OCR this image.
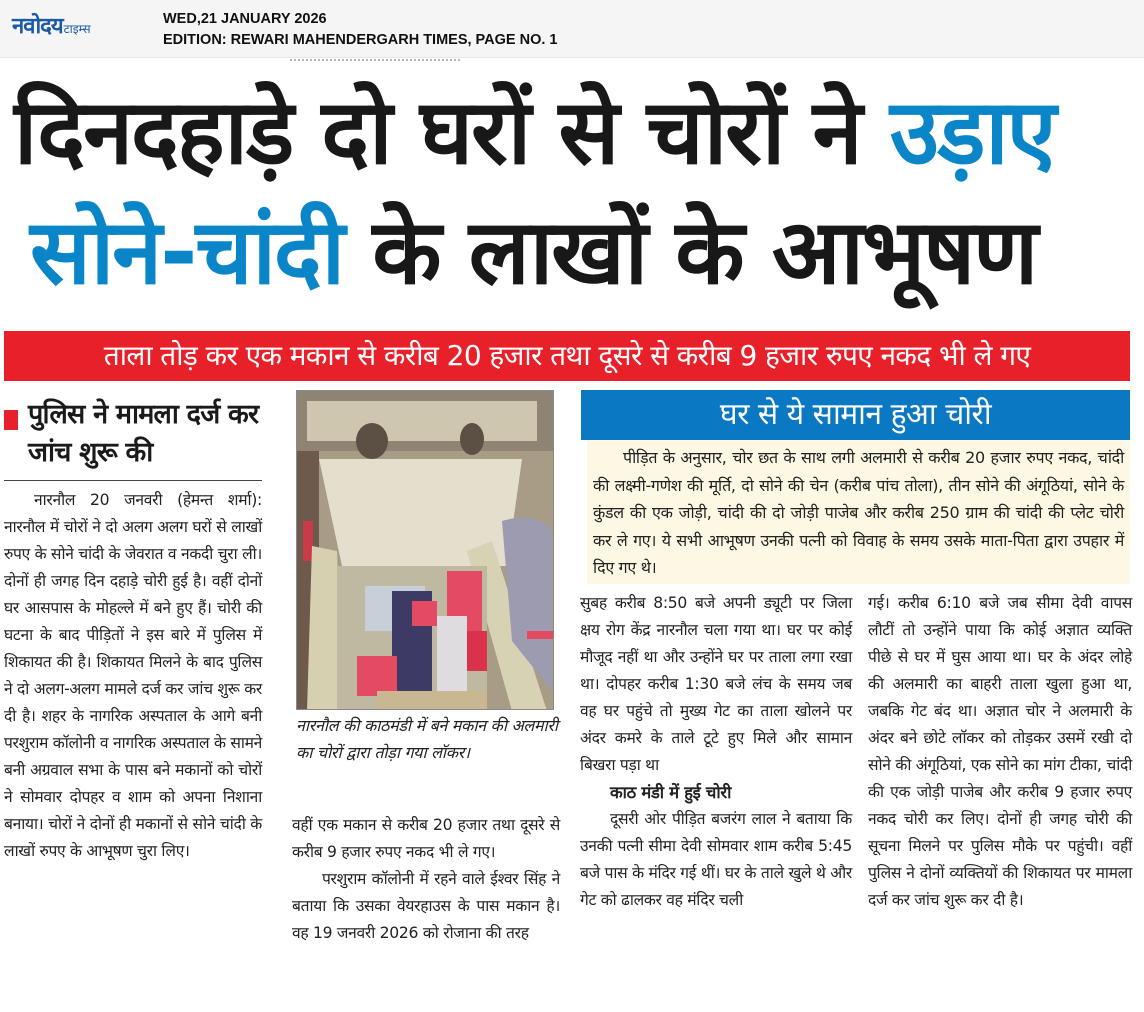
नवोदय टाइम्स
WED,21 JANUARY 2026
EDITION: REWARI MAHENDERGARH TIMES, PAGE NO. 1
दिनदहाड़े दो घरों से चोरों ने उड़ाए
सोने-चांदी के लाखों के आभूषण
ताला तोड़ कर एक मकान से करीब 20 हजार तथा दूसरे से करीब 9 हजार रुपए नकद भी ले गए
पुलिस ने मामला दर्ज कर जांच शुरू की

नारनौल 20 जनवरी (हेमन्त शर्मा): नारनौल में चोरों ने दो अलग अलग घरों से लाखों रुपए के सोने चांदी के जेवरात व नकदी चुरा ली। दोनों ही जगह दिन दहाड़े चोरी हुई है। वहीं दोनों घर आसपास के मोहल्ले में बने हुए हैं। चोरी की घटना के बाद पीड़ितों ने इस बारे में पुलिस में शिकायत की है। शिकायत मिलने के बाद पुलिस ने दो अलग-अलग मामले दर्ज कर जांच शुरू कर दी है। शहर के नागरिक अस्पताल के आगे बनी परशुराम कॉलोनी व नागरिक अस्पताल के सामने बनी अग्रवाल सभा के पास बने मकानों को चोरों ने सोमवार दोपहर व शाम को अपना निशाना बनाया। चोरों ने दोनों ही मकानों से सोने चांदी के लाखों रुपए के आभूषण चुरा लिए।

नारनौल की काठमंडी में बने मकान की अलमारी का चोरों द्वारा तोड़ा गया लॉकर।

वहीं एक मकान से करीब 20 हजार तथा दूसरे से करीब 9 हजार रुपए नकद भी ले गए।

परशुराम कॉलोनी में रहने वाले ईश्वर सिंह ने बताया कि उसका वेयरहाउस के पास मकान है। वह 19 जनवरी 2026 को रोजाना की तरह

घर से ये सामान हुआ चोरी

पीड़ित के अनुसार, चोर छत के साथ लगी अलमारी से करीब 20 हजार रुपए नकद, चांदी की लक्ष्मी-गणेश की मूर्ति, दो सोने की चेन (करीब पांच तोला), तीन सोने की अंगूठियां, सोने के कुंडल की एक जोड़ी, चांदी की दो जोड़ी पाजेब और करीब 250 ग्राम की चांदी की प्लेट चोरी कर ले गए। ये सभी आभूषण उनकी पत्नी को विवाह के समय उसके माता-पिता द्वारा उपहार में दिए गए थे।

सुबह करीब 8:50 बजे अपनी ड्यूटी पर जिला क्षय रोग केंद्र नारनौल चला गया था। घर पर कोई मौजूद नहीं था और उन्होंने घर पर ताला लगा रखा था। दोपहर करीब 1:30 बजे लंच के समय जब वह घर पहुंचे तो मुख्य गेट का ताला खोलने पर अंदर कमरे के ताले टूटे हुए मिले और सामान बिखरा पड़ा था

काठ मंडी में हुई चोरी

दूसरी ओर पीड़ित बजरंग लाल ने बताया कि उनकी पत्नी सीमा देवी सोमवार शाम करीब 5:45 बजे पास के मंदिर गई थीं। घर के ताले खुले थे और गेट को ढालकर वह मंदिर चली

गई। करीब 6:10 बजे जब सीमा देवी वापस लौटीं तो उन्होंने पाया कि कोई अज्ञात व्यक्ति पीछे से घर में घुस आया था। घर के अंदर लोहे की अलमारी का बाहरी ताला खुला हुआ था, जबकि गेट बंद था। अज्ञात चोर ने अलमारी के अंदर बने छोटे लॉकर को तोड़कर उसमें रखी दो सोने की अंगूठियां, एक सोने का मांग टीका, चांदी की एक जोड़ी पाजेब और करीब 9 हजार रुपए नकद चोरी कर लिए। दोनों ही जगह चोरी की सूचना मिलने पर पुलिस मौके पर पहुंची। वहीं पुलिस ने दोनों व्यक्तियों की शिकायत पर मामला दर्ज कर जांच शुरू कर दी है।
